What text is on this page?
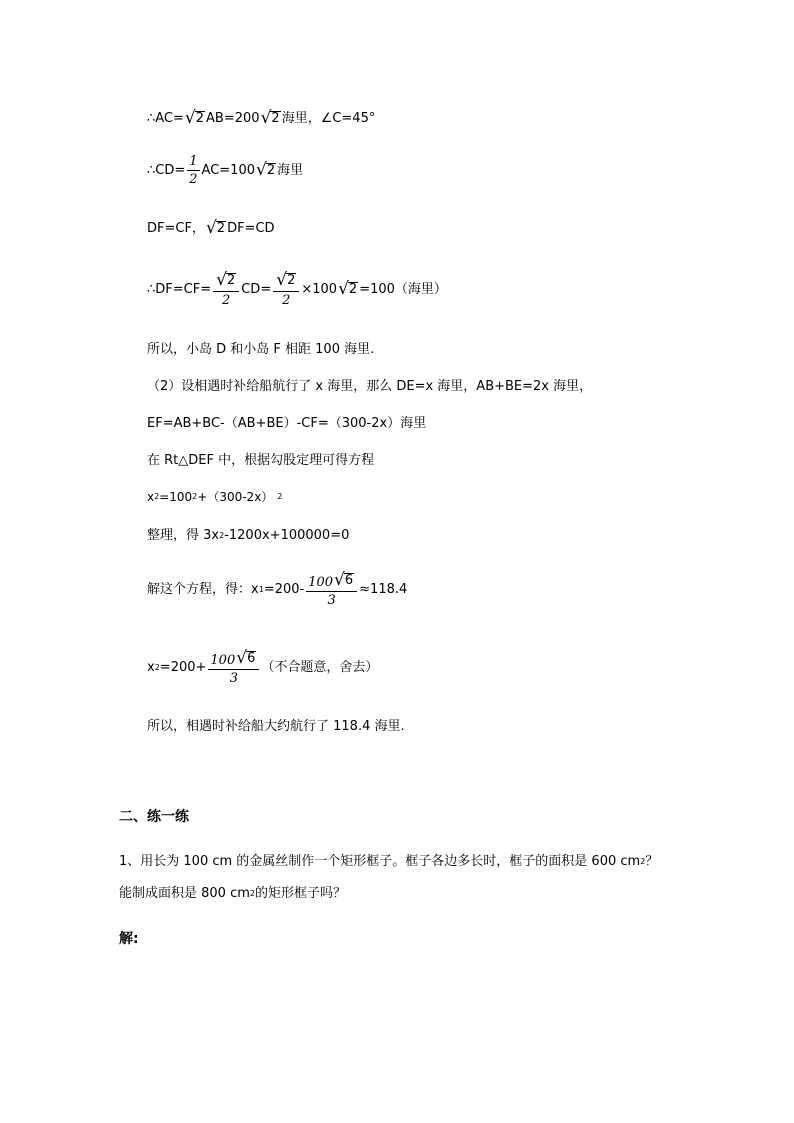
∴AC= √ 2 AB=200 √ 2 海里，∠C=45°
∴CD= $\frac{1}{2} AC=100$ √ 2 海里
DF=CF， √ 2 DF=CD
∴DF=CF= $\frac{√ 2}{2} CD= \frac{√ 2}{2} \times 100$ √ 2 =100（海里）
所以，小岛 D 和小岛 F 相距 100 海里.
（2）设相遇时补给船航行了 x 海里，那么 DE=x 海里，AB+BE=2x 海里，
EF=AB+BC-（AB+BE）-CF=（300-2x）海里
在 Rt△DEF 中，根据勾股定理可得方程
x 2 =100 2 +（300-2x） 2
整理，得 3x 2 -1200x+100000=0
解这个方程，得：x $1 =200- \frac{100 √ 6}{3} \approx 118.4$
x $2 =200+ \frac{100 √ 6}{3}$ （不合题意，舍去）
所以，相遇时补给船大约航行了 118.4 海里.
二、练一练
1、用长为 100 cm 的金属丝制作一个矩形框子。框子各边多长时，框子的面积是 600 cm 2 ？
能制成面积是 800 cm 2 的矩形框子吗？
解:
